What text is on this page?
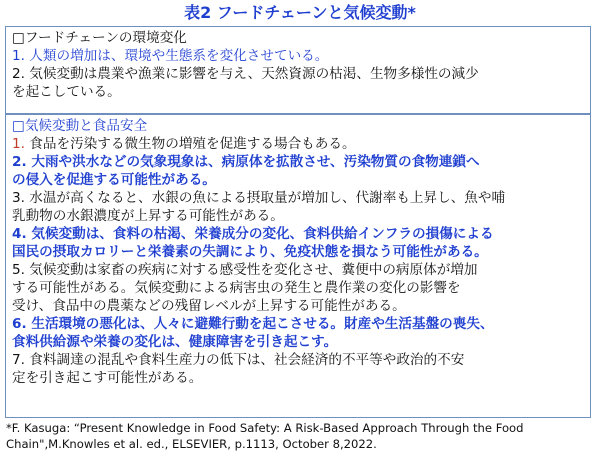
表2 フードチェーンと気候変動*
□フードチェーンの環境変化
1. 人類の増加は、環境や生態系を変化させている。
2. 気候変動は農業や漁業に影響を与え、天然資源の枯渇、生物多様性の減少
を起こしている。
□気候変動と食品安全
1. 食品を汚染する微生物の増殖を促進する場合もある。
2. 大雨や洪水などの気象現象は、病原体を拡散させ、汚染物質の食物連鎖へ
の侵入を促進する可能性がある。
3. 水温が高くなると、水銀の魚による摂取量が増加し、代謝率も上昇し、魚や哺
乳動物の水銀濃度が上昇する可能性がある。
4. 気候変動は、食料の枯渇、栄養成分の変化、食料供給インフラの損傷による
国民の摂取カロリーと栄養素の失調により、免疫状態を損なう可能性がある。
5. 気候変動は家畜の疾病に対する感受性を変化させ、糞便中の病原体が増加
する可能性がある。気候変動による病害虫の発生と農作業の変化の影響を
受け、食品中の農薬などの残留レベルが上昇する可能性がある。
6. 生活環境の悪化は、人々に避難行動を起こさせる。財産や生活基盤の喪失、
食料供給源や栄養の変化は、健康障害を引き起こす。
7. 食料調達の混乱や食料生産力の低下は、社会経済的不平等や政治的不安
定を引き起こす可能性がある。
*F. Kasuga: “Present Knowledge in Food Safety: A Risk-Based Approach Through the Food
Chain",M.Knowles et al. ed., ELSEVIER, p.1113, October 8,2022.
